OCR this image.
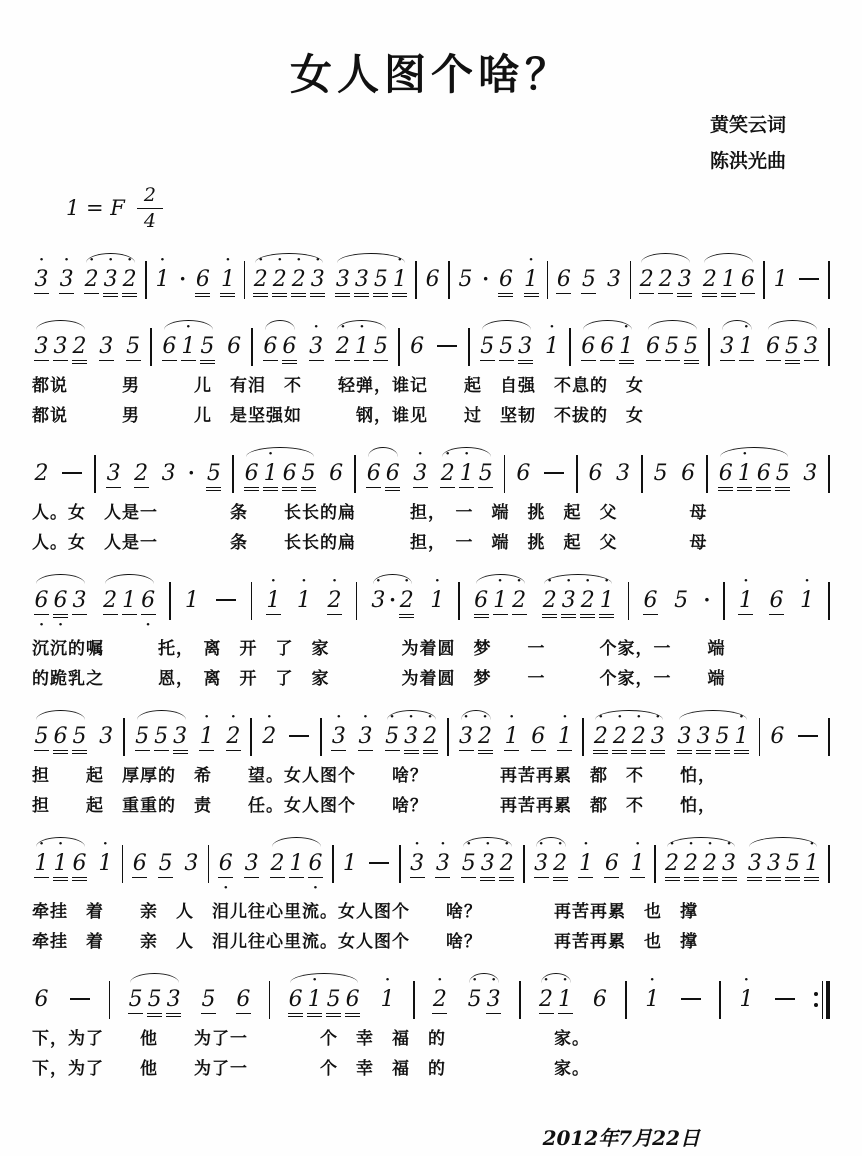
女人图个啥？
黄笑云词
陈洪光曲
1 = F $\frac{2}{4}$
•
3
•
3
•
2
•
3
•
2
•
1 · 6
•
1
•
2
•
2
•
2
•
3 3 3 5
•
1 6 5 · 6
•
1 6 5 3 2 2 3 2 1 6 1
3 3 2 3 5 6
•
1 5 6 6 6
•
3
•
2
•
1 5 6	5 5 3
•
1 6 6
•
1 6 5 5 3
•
1 6 5 3
都说　　　男　　　儿　有泪　不　　轻弹，谁记　　起　自强　不息的　女
都说　　　男　　　儿　是坚强如　　　钢，谁见　　过　坚韧　不拔的　女
2	3 2 3 · 5 6
•
1 6 5 6 6 6
•
3
•
2
•
1 5 6	6 3 5 6 6
•
1 6 5 3
人。女　人是一　　　　条　　长长的扁　　　担，　一　端　挑　起　父　　　　母
人。女　人是一　　　　条　　长长的扁　　　担，　一　端　挑　起　父　　　　母
6
•
6
•
3 2 1 6
•
1
•
1
•
1
•
2
•
3 ·
•
2
•
1 6
•
1
•
2
•
2
•
3
•
2
•
1 6 5 ·
•
1 6
•
1
沉沉的嘱　　　托，　离　开　了　家　　　　为着圆　梦　　一　　　个家，一　　端
的跪乳之　　　恩，　离　开　了　家　　　　为着圆　梦　　一　　　个家，一　　端
5 6 5 3 5 5 3
•
1
•
2
•
2
•
3
•
3
•
5
•
3
•
2
•
3
•
2
•
1 6
•
1
•
2
•
2
•
2
•
3 3 3 5
•
1 6
担　　起　厚厚的　希　　望。女人图个　　啥？　　　　再苦再累　都　不　　怕，
担　　起　重重的　责　　任。女人图个　　啥？　　　　再苦再累　都　不　　怕，
•
1
•
1 6
•
1 6 5 3 6
•
3 2 1 6
•
1
•
3
•
3
•
5
•
3
•
2
•
3
•
2
•
1 6
•
1
•
2
•
2
•
2
•
3 3 3 5
•
1
牵挂　着　　亲　人　泪儿往心里流。女人图个　　啥？　　　　再苦再累　也　撑
牵挂　着　　亲　人　泪儿往心里流。女人图个　　啥？　　　　再苦再累　也　撑
6	5 5 3 5 6 6
•
1 5 6
•
1
•
2
•
5
•
3
•
2
•
1 6
•
1
•
1
下，为了　　他　　为了一　　　　个　幸　福　的　　　　　　家。
下，为了　　他　　为了一　　　　个　幸　福　的　　　　　　家。
2012年7月22日
